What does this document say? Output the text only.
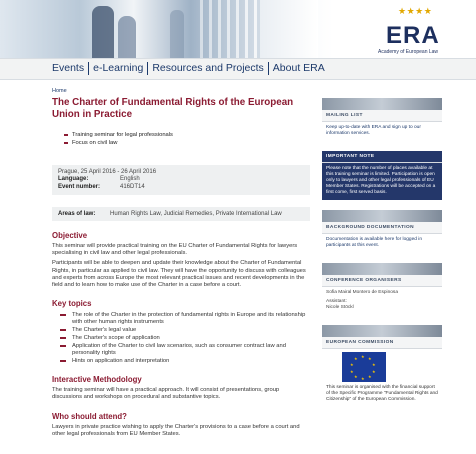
★ ★ ★ ★
ERA
Academy of European Law
Events e-Learning Resources and Projects About ERA
Home
The Charter of Fundamental Rights of the European Union in Practice
Training seminar for legal professionals
Focus on civil law
Prague, 25 April 2016 - 26 April 2016
Language:	English
Event number:	416DT14
Areas of law:	Human Rights Law, Judicial Remedies, Private International Law
Objective

This seminar will provide practical training on the EU Charter of Fundamental Rights for lawyers specialising in civil law and other legal professionals.

Participants will be able to deepen and update their knowledge about the Charter of Fundamental Rights, in particular as applied to civil law. They will have the opportunity to discuss with colleagues and experts from across Europe the most relevant practical issues and recent developments in the field and to learn how to make use of the Charter in a case before a court.

Key topics
The role of the Charter in the protection of fundamental rights in Europe and its relationship with other human rights instruments
The Charter's legal value
The Charter's scope of application
Application of the Charter to civil law scenarios, such as consumer contract law and personality rights
Hints on application and interpretation
Interactive Methodology

The training seminar will have a practical approach. It will consist of presentations, group discussions and workshops on procedural and substantive topics.

Who should attend?

Lawyers in private practice wishing to apply the Charter's provisions to a case before a court and other legal professionals from EU Member States.

MAILING LIST
Keep up-to-date with ERA and sign up to our information services.
IMPORTANT NOTE
Please note that the number of places available at this training seminar is limited. Participation is open only to lawyers and other legal professionals of EU Member States. Registrations will be accepted on a first come, first served basis.
BACKGROUND DOCUMENTATION
Documentation is available here for logged in participants at this event.
CONFERENCE ORGANISERS
Sofia Mairal Montero de Espinosa
Assistant:
Nicole Stöckl
EUROPEAN COMMISSION
★ ★
★
★
★
★
★
★
★
★
This seminar is organised with the financial support of the Specific Programme "Fundamental Rights and Citizenship" of the European Commission.
